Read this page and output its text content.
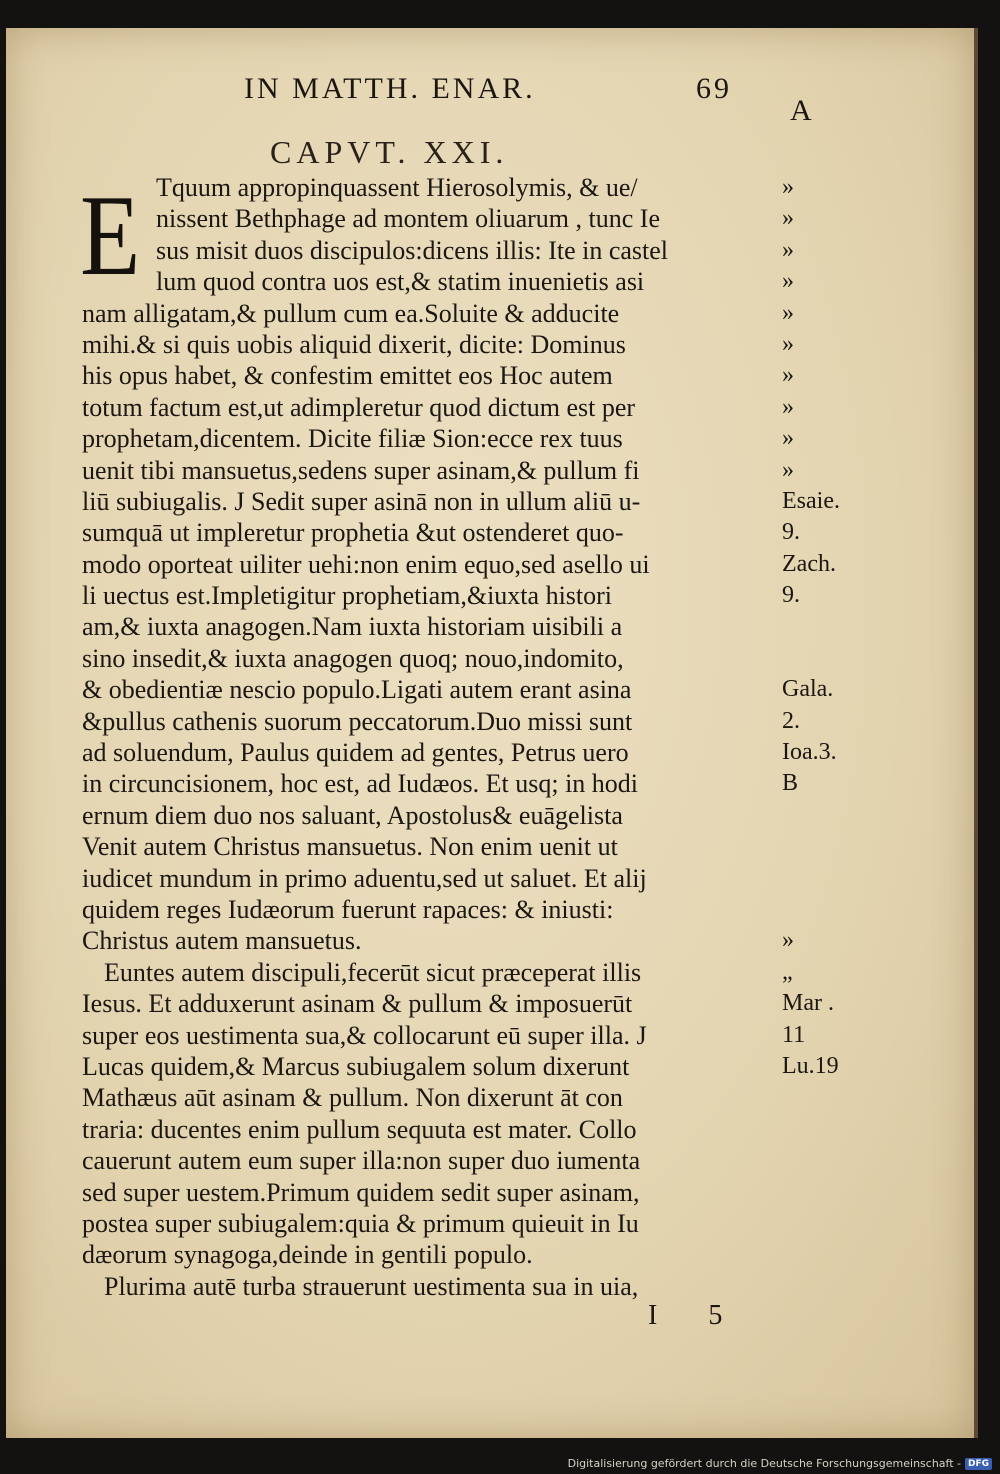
IN MATTH. ENAR.	69
A
CAPVT. XXI.
E Tquum appropinquassent Hierosolymis, & ue/
nissent Bethphage ad montem oliuarum , tunc Ie
sus misit duos discipulos:dicens illis: Ite in castel
lum quod contra uos est,& statim inuenietis asi
nam alligatam,& pullum cum ea.Soluite & adducite
mihi.& si quis uobis aliquid dixerit, dicite: Dominus
his opus habet, & confestim emittet eos Hoc autem
totum factum est,ut adimpleretur quod dictum est per
prophetam,dicentem. Dicite filiæ Sion:ecce rex tuus
uenit tibi mansuetus,sedens super asinam,& pullum fi
liū subiugalis. J Sedit super asinā non in ullum aliū u-
sumquā ut impleretur prophetia &ut ostenderet quo-
modo oporteat uiliter uehi:non enim equo,sed asello ui
li uectus est.Impletigitur prophetiam,&iuxta histori
am,& iuxta anagogen.Nam iuxta historiam uisibili a
sino insedit,& iuxta anagogen quoq; nouo,indomito,
& obedientiæ nescio populo.Ligati autem erant asina
&pullus cathenis suorum peccatorum.Duo missi sunt
ad soluendum, Paulus quidem ad gentes, Petrus uero
in circuncisionem, hoc est, ad Iudæos. Et usq; in hodi
ernum diem duo nos saluant, Apostolus& euāgelista
Venit autem Christus mansuetus. Non enim uenit ut
iudicet mundum in primo aduentu,sed ut saluet. Et alij
quidem reges Iudæorum fuerunt rapaces: & iniusti:
Christus autem mansuetus.
Euntes autem discipuli,fecerūt sicut præceperat illis
Iesus. Et adduxerunt asinam & pullum & imposuerūt
super eos uestimenta sua,& collocarunt eū super illa. J
Lucas quidem,& Marcus subiugalem solum dixerunt
Mathæus aūt asinam & pullum. Non dixerunt āt con
traria: ducentes enim pullum sequuta est mater. Collo
cauerunt autem eum super illa:non super duo iumenta
sed super uestem.Primum quidem sedit super asinam,
postea super subiugalem:quia & primum quieuit in Iu
dæorum synagoga,deinde in gentili populo.
Plurima autē turba strauerunt uestimenta sua in uia,
»
»
»
»
»
»
»
»
»
»
Esaie.
9.
Zach.
9.
Gala.
2.
Ioa.3.
B
»
„
Mar .
11
Lu.19
I 5
Digitalisierung gefördert durch die Deutsche Forschungsgemeinschaft - DFG
